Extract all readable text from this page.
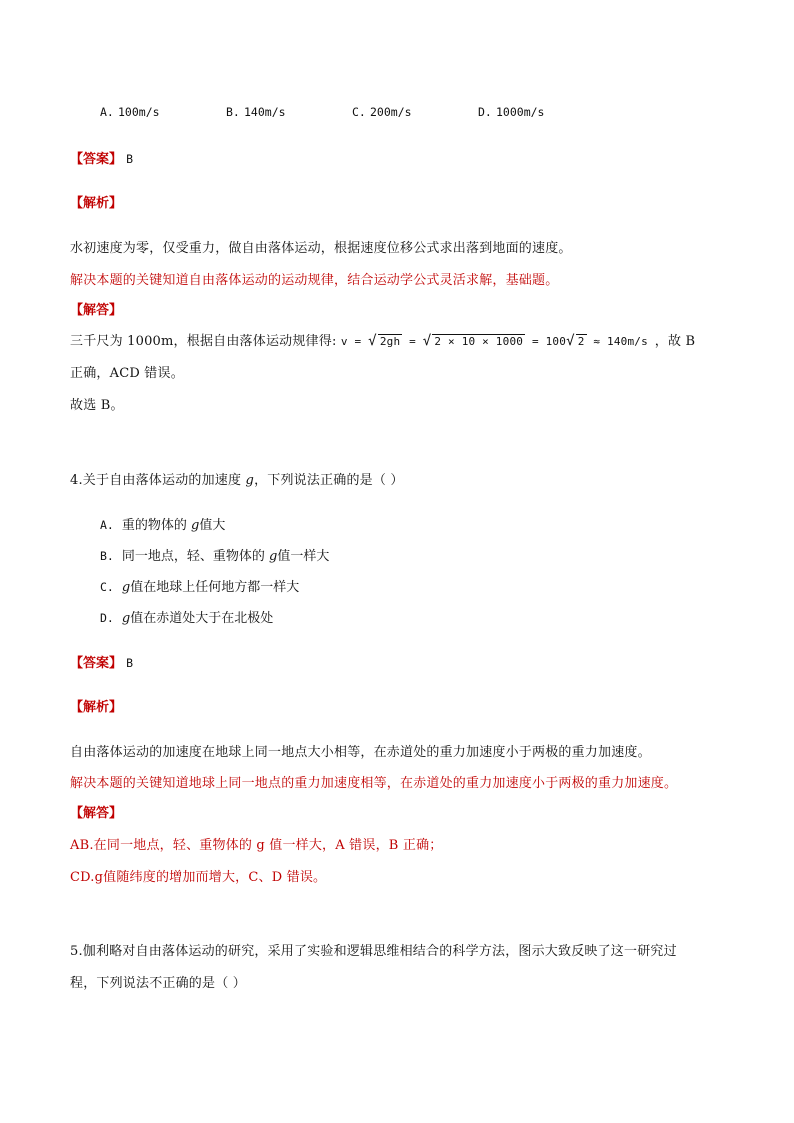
A. 100m/s	B. 140m/s	C. 200m/s	D. 1000m/s
【答案】 B
【解析】
水初速度为零，仅受重力，做自由落体运动，根据速度位移公式求出落到地面的速度。
解决本题的关键知道自由落体运动的运动规律，结合运动学公式灵活求解，基础题。
【解答】
三千尺为 1000m，根据自由落体运动规律得: v = √ 2gh = √ 2 × 10 × 1000 = 100√ 2 ≈ 140m/s ，故 B
正确，ACD 错误。
故选 B。
4.关于自由落体运动的加速度 g，下列说法正确的是（ ）
A. 重的物体的 g值大
B. 同一地点，轻、重物体的 g值一样大
C. g值在地球上任何地方都一样大
D. g值在赤道处大于在北极处
【答案】 B
【解析】
自由落体运动的加速度在地球上同一地点大小相等，在赤道处的重力加速度小于两极的重力加速度。
解决本题的关键知道地球上同一地点的重力加速度相等，在赤道处的重力加速度小于两极的重力加速度。
【解答】
AB.在同一地点，轻、重物体的 g 值一样大，A 错误，B 正确；
CD.g值随纬度的增加而增大，C、D 错误。
5.伽利略对自由落体运动的研究，采用了实验和逻辑思维相结合的科学方法，图示大致反映了这一研究过
程，下列说法不正确的是（ ）
